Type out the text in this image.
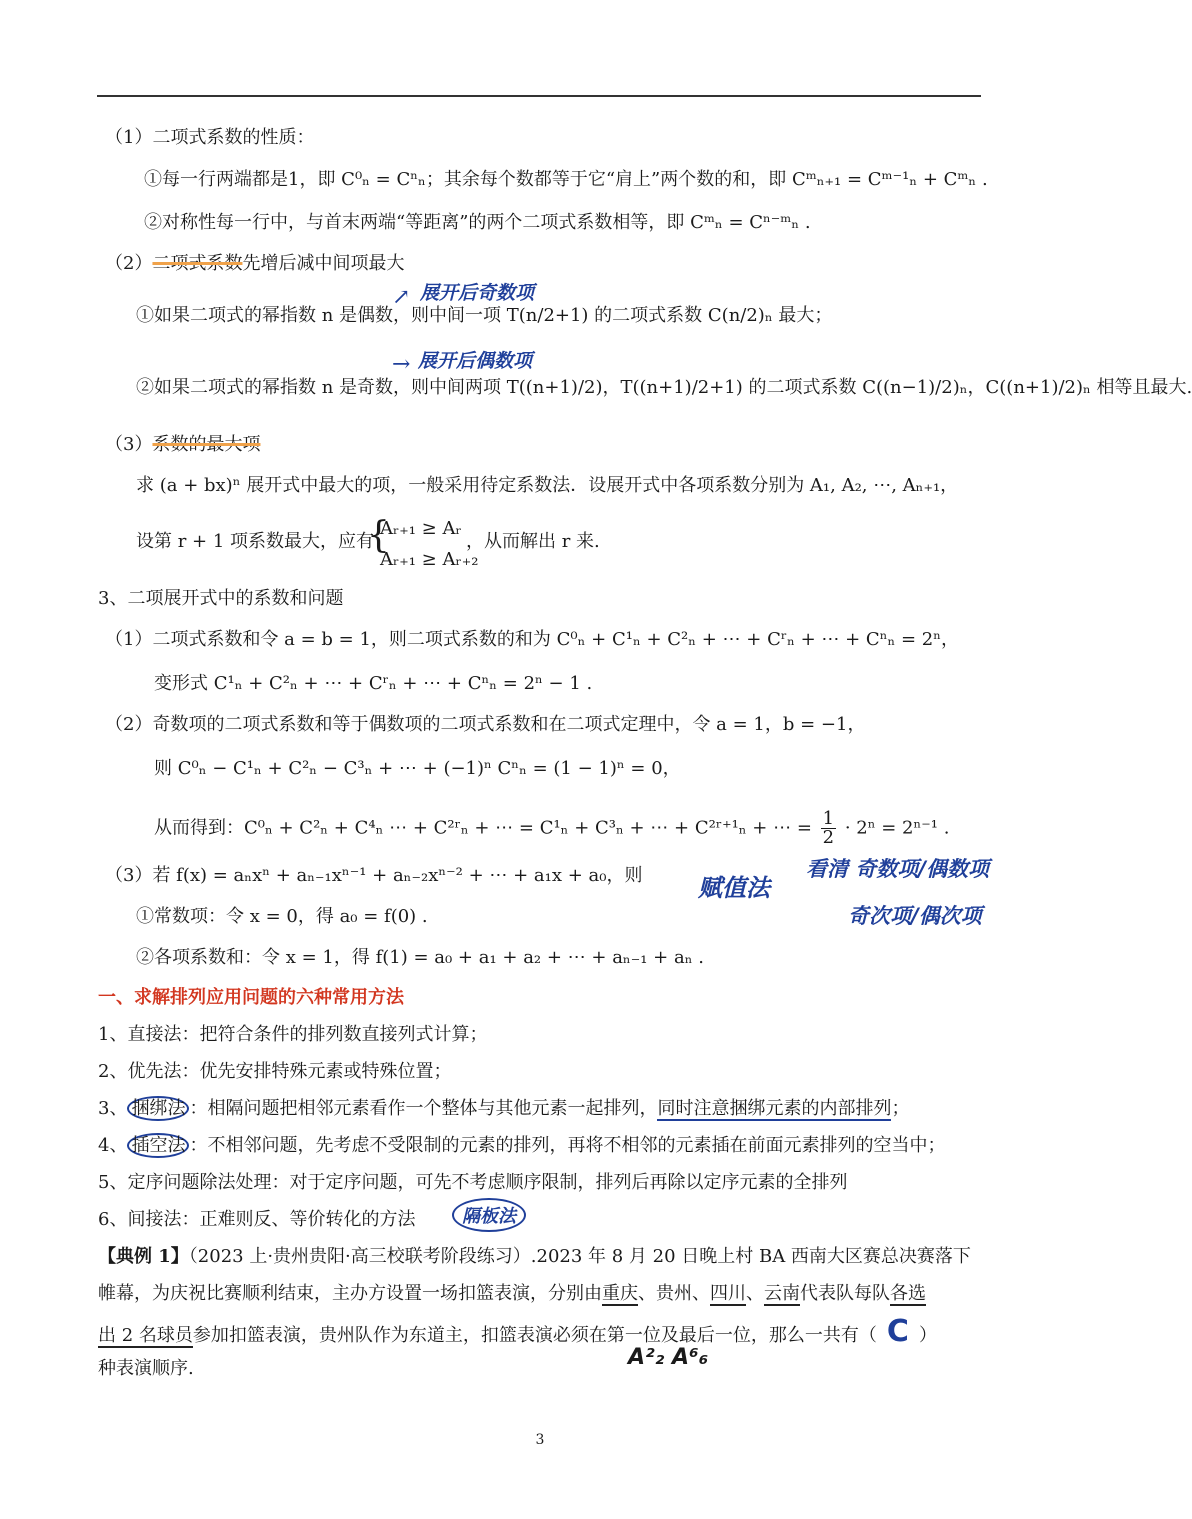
（1）二项式系数的性质：
①每一行两端都是1，即 C⁰ₙ = Cⁿₙ；其余每个数都等于它“肩上”两个数的和，即 Cᵐₙ₊₁ = Cᵐ⁻¹ₙ + Cᵐₙ .
②对称性每一行中，与首末两端“等距离”的两个二项式系数相等，即 Cᵐₙ = Cⁿ⁻ᵐₙ .
（2）二项式系数先增后减中间项最大
↗ 展开后奇数项
①如果二项式的幂指数 n 是偶数，则中间一项 T(n/2+1) 的二项式系数 C(n/2)ₙ 最大；
→ 展开后偶数项
②如果二项式的幂指数 n 是奇数，则中间两项 T((n+1)/2)，T((n+1)/2+1) 的二项式系数 C((n−1)/2)ₙ，C((n+1)/2)ₙ 相等且最大.
（3）系数的最大项
求 (a + bx)ⁿ 展开式中最大的项，一般采用待定系数法．设展开式中各项系数分别为 A₁, A₂, ⋯, Aₙ₊₁，
设第 r + 1 项系数最大，应有
{
Aᵣ₊₁ ≥ Aᵣ
Aᵣ₊₁ ≥ Aᵣ₊₂
，从而解出 r 来.
3、二项展开式中的系数和问题
（1）二项式系数和令 a = b = 1，则二项式系数的和为 C⁰ₙ + C¹ₙ + C²ₙ + ⋯ + Cʳₙ + ⋯ + Cⁿₙ = 2ⁿ，
变形式 C¹ₙ + C²ₙ + ⋯ + Cʳₙ + ⋯ + Cⁿₙ = 2ⁿ − 1 .
（2）奇数项的二项式系数和等于偶数项的二项式系数和在二项式定理中，令 a = 1，b = −1，
则 C⁰ₙ − C¹ₙ + C²ₙ − C³ₙ + ⋯ + (−1)ⁿ Cⁿₙ = (1 − 1)ⁿ = 0，
从而得到：C⁰ₙ + C²ₙ + C⁴ₙ ⋯ + C²ʳₙ + ⋯ = C¹ₙ + C³ₙ + ⋯ + C²ʳ⁺¹ₙ + ⋯ = $\frac{1}{2} \cdot 2^n = 2^{n-1}$ .
（3）若 f(x) = aₙxⁿ + aₙ₋₁xⁿ⁻¹ + aₙ₋₂xⁿ⁻² + ⋯ + a₁x + a₀，则 赋值法
看清 奇数项/偶数项
奇次项/偶次项
①常数项：令 x = 0，得 a₀ = f(0) .
②各项系数和：令 x = 1，得 f(1) = a₀ + a₁ + a₂ + ⋯ + aₙ₋₁ + aₙ .
一、求解排列应用问题的六种常用方法
1、直接法：把符合条件的排列数直接列式计算；
2、优先法：优先安排特殊元素或特殊位置；
3、 捆绑法 ：相隔问题把相邻元素看作一个整体与其他元素一起排列，同时注意捆绑元素的内部排列；
4、 插空法 ：不相邻问题，先考虑不受限制的元素的排列，再将不相邻的元素插在前面元素排列的空当中；
5、定序问题除法处理：对于定序问题，可先不考虑顺序限制，排列后再除以定序元素的全排列
6、间接法：正难则反、等价转化的方法	隔板法
【典例 1】（2023 上·贵州贵阳·高三校联考阶段练习）.2023 年 8 月 20 日晚上村 BA 西南大区赛总决赛落下
帷幕，为庆祝比赛顺利结束，主办方设置一场扣篮表演，分别由重庆、贵州、四川、云南代表队每队各选
出 2 名球员参加扣篮表演，贵州队作为东道主，扣篮表演必须在第一位及最后一位，那么一共有（ C ）
种表演顺序.	A²₂ A⁶₆
3
